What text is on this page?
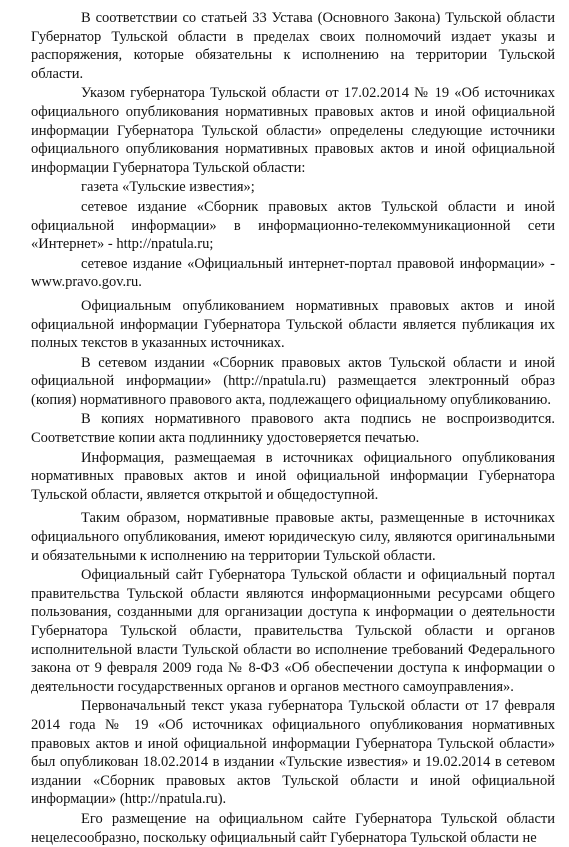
В соответствии со статьей 33 Устава (Основного Закона) Тульской области Губернатор Тульской области в пределах своих полномочий издает указы и распоряжения, которые обязательны к исполнению на территории Тульской области.

Указом губернатора Тульской области от 17.02.2014 № 19 «Об источниках официального опубликования нормативных правовых актов и иной официальной информации Губернатора Тульской области» определены следующие источники официального опубликования нормативных правовых актов и иной официальной информации Губернатора Тульской области:

газета «Тульские известия»;

сетевое издание «Сборник правовых актов Тульской области и иной официальной информации» в информационно-телекоммуникационной сети «Интернет» - http://npatula.ru;

сетевое издание «Официальный интернет-портал правовой информации» - www.pravo.gov.ru.

Официальным опубликованием нормативных правовых актов и иной официальной информации Губернатора Тульской области является публикация их полных текстов в указанных источниках.

В сетевом издании «Сборник правовых актов Тульской области и иной официальной информации» (http://npatula.ru) размещается электронный образ (копия) нормативного правового акта, подлежащего официальному опубликованию.

В копиях нормативного правового акта подпись не воспроизводится. Соответствие копии акта подлиннику удостоверяется печатью.

Информация, размещаемая в источниках официального опубликования нормативных правовых актов и иной официальной информации Губернатора Тульской области, является открытой и общедоступной.

Таким образом, нормативные правовые акты, размещенные в источниках официального опубликования, имеют юридическую силу, являются оригинальными и обязательными к исполнению на территории Тульской области.

Официальный сайт Губернатора Тульской области и официальный портал правительства Тульской области являются информационными ресурсами общего пользования, созданными для организации доступа к информации о деятельности Губернатора Тульской области, правительства Тульской области и органов исполнительной власти Тульской области во исполнение требований Федерального закона от 9 февраля 2009 года № 8-ФЗ «Об обеспечении доступа к информации о деятельности государственных органов и органов местного самоуправления».

Первоначальный текст указа губернатора Тульской области от 17 февраля 2014 года № 19 «Об источниках официального опубликования нормативных правовых актов и иной официальной информации Губернатора Тульской области» был опубликован 18.02.2014 в издании «Тульские известия» и 19.02.2014 в сетевом издании «Сборник правовых актов Тульской области и иной официальной информации» (http://npatula.ru).

Его размещение на официальном сайте Губернатора Тульской области нецелесообразно, поскольку официальный сайт Губернатора Тульской области не
